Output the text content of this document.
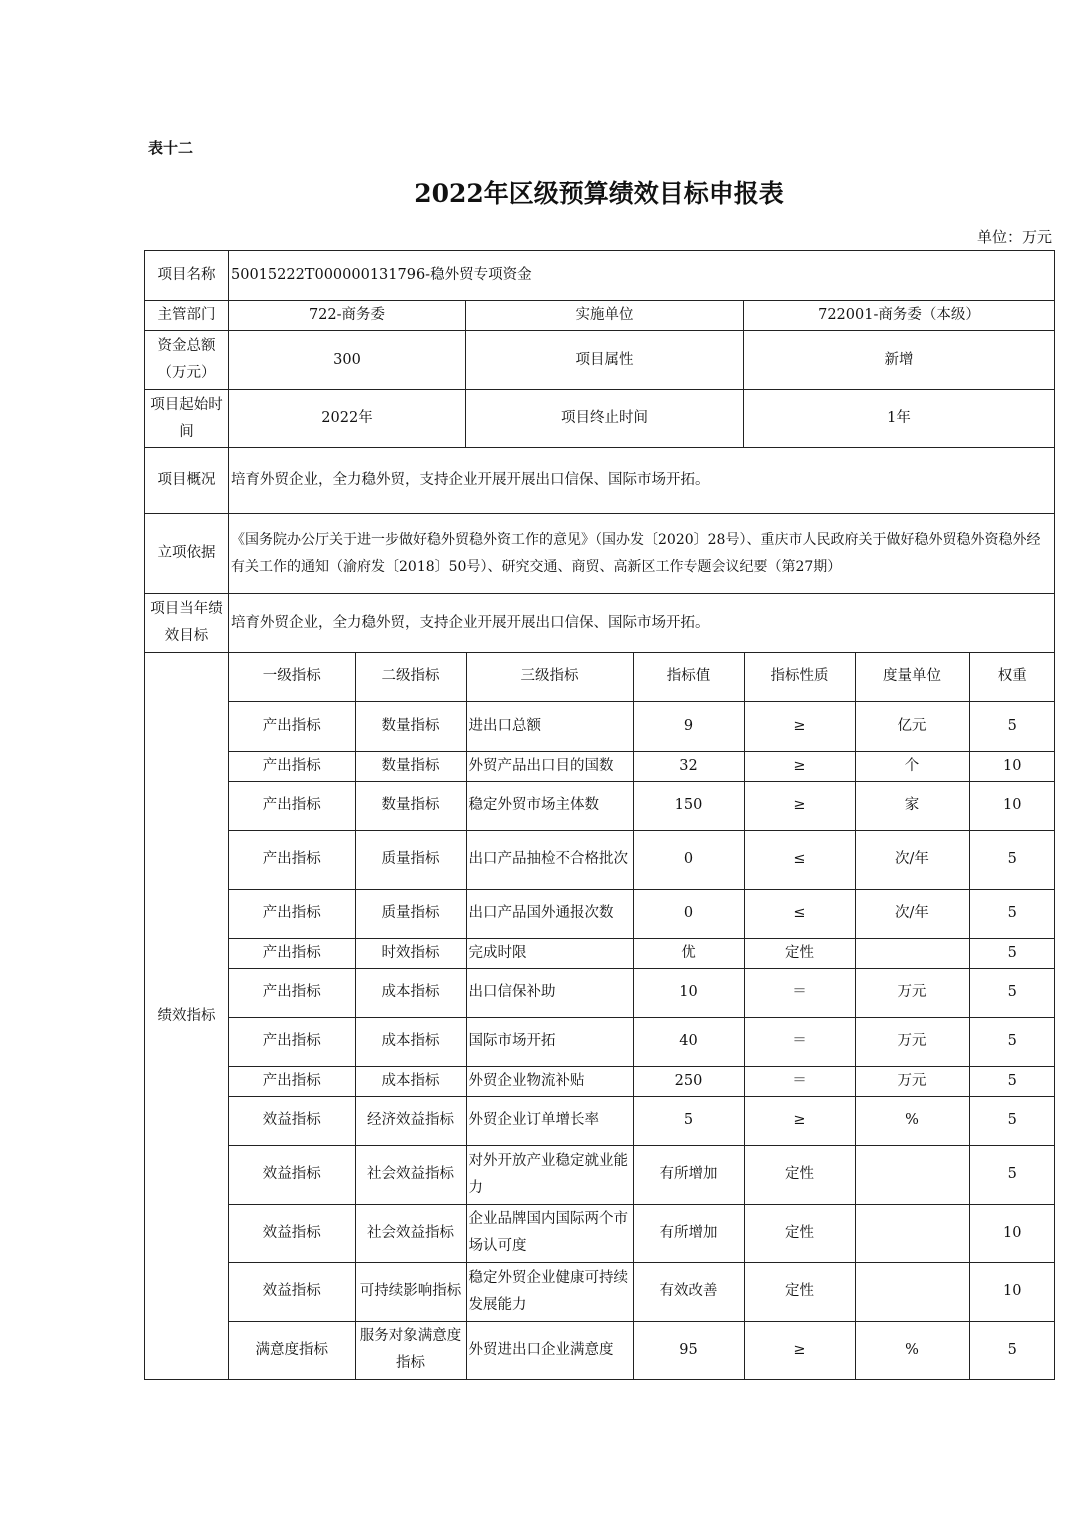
表十二
2022年区级预算绩效目标申报表
单位：万元
项目名称	50015222T000000131796-稳外贸专项资金
主管部门	722-商务委	实施单位	722001-商务委（本级）
资金总额（万元）	300	项目属性	新增
项目起始时间	2022年	项目终止时间	1年
项目概况	培育外贸企业，全力稳外贸，支持企业开展开展出口信保、国际市场开拓。
立项依据	《国务院办公厅关于进一步做好稳外贸稳外资工作的意见》（国办发〔2020〕28号）、重庆市人民政府关于做好稳外贸稳外资稳外经有关工作的通知（渝府发〔2018〕50号）、研究交通、商贸、高新区工作专题会议纪要（第27期）
项目当年绩效目标	培育外贸企业，全力稳外贸，支持企业开展开展出口信保、国际市场开拓。
绩效指标	
一级指标	二级指标	三级指标	指标值	指标性质	度量单位	权重
产出指标	数量指标	进出口总额	9	≥	亿元	5
产出指标	数量指标	外贸产品出口目的国数	32	≥	个	10
产出指标	数量指标	稳定外贸市场主体数	150	≥	家	10
产出指标	质量指标	出口产品抽检不合格批次	0	≤	次/年	5
产出指标	质量指标	出口产品国外通报次数	0	≤	次/年	5
产出指标	时效指标	完成时限	优	定性		5
产出指标	成本指标	出口信保补助	10	＝	万元	5
产出指标	成本指标	国际市场开拓	40	＝	万元	5
产出指标	成本指标	外贸企业物流补贴	250	＝	万元	5
效益指标	经济效益指标	外贸企业订单增长率	5	≥	%	5
效益指标	社会效益指标	对外开放产业稳定就业能力	有所增加	定性		5
效益指标	社会效益指标	企业品牌国内国际两个市场认可度	有所增加	定性		10
效益指标	可持续影响指标	稳定外贸企业健康可持续发展能力	有效改善	定性		10
满意度指标	服务对象满意度指标	外贸进出口企业满意度	95	≥	%	5
